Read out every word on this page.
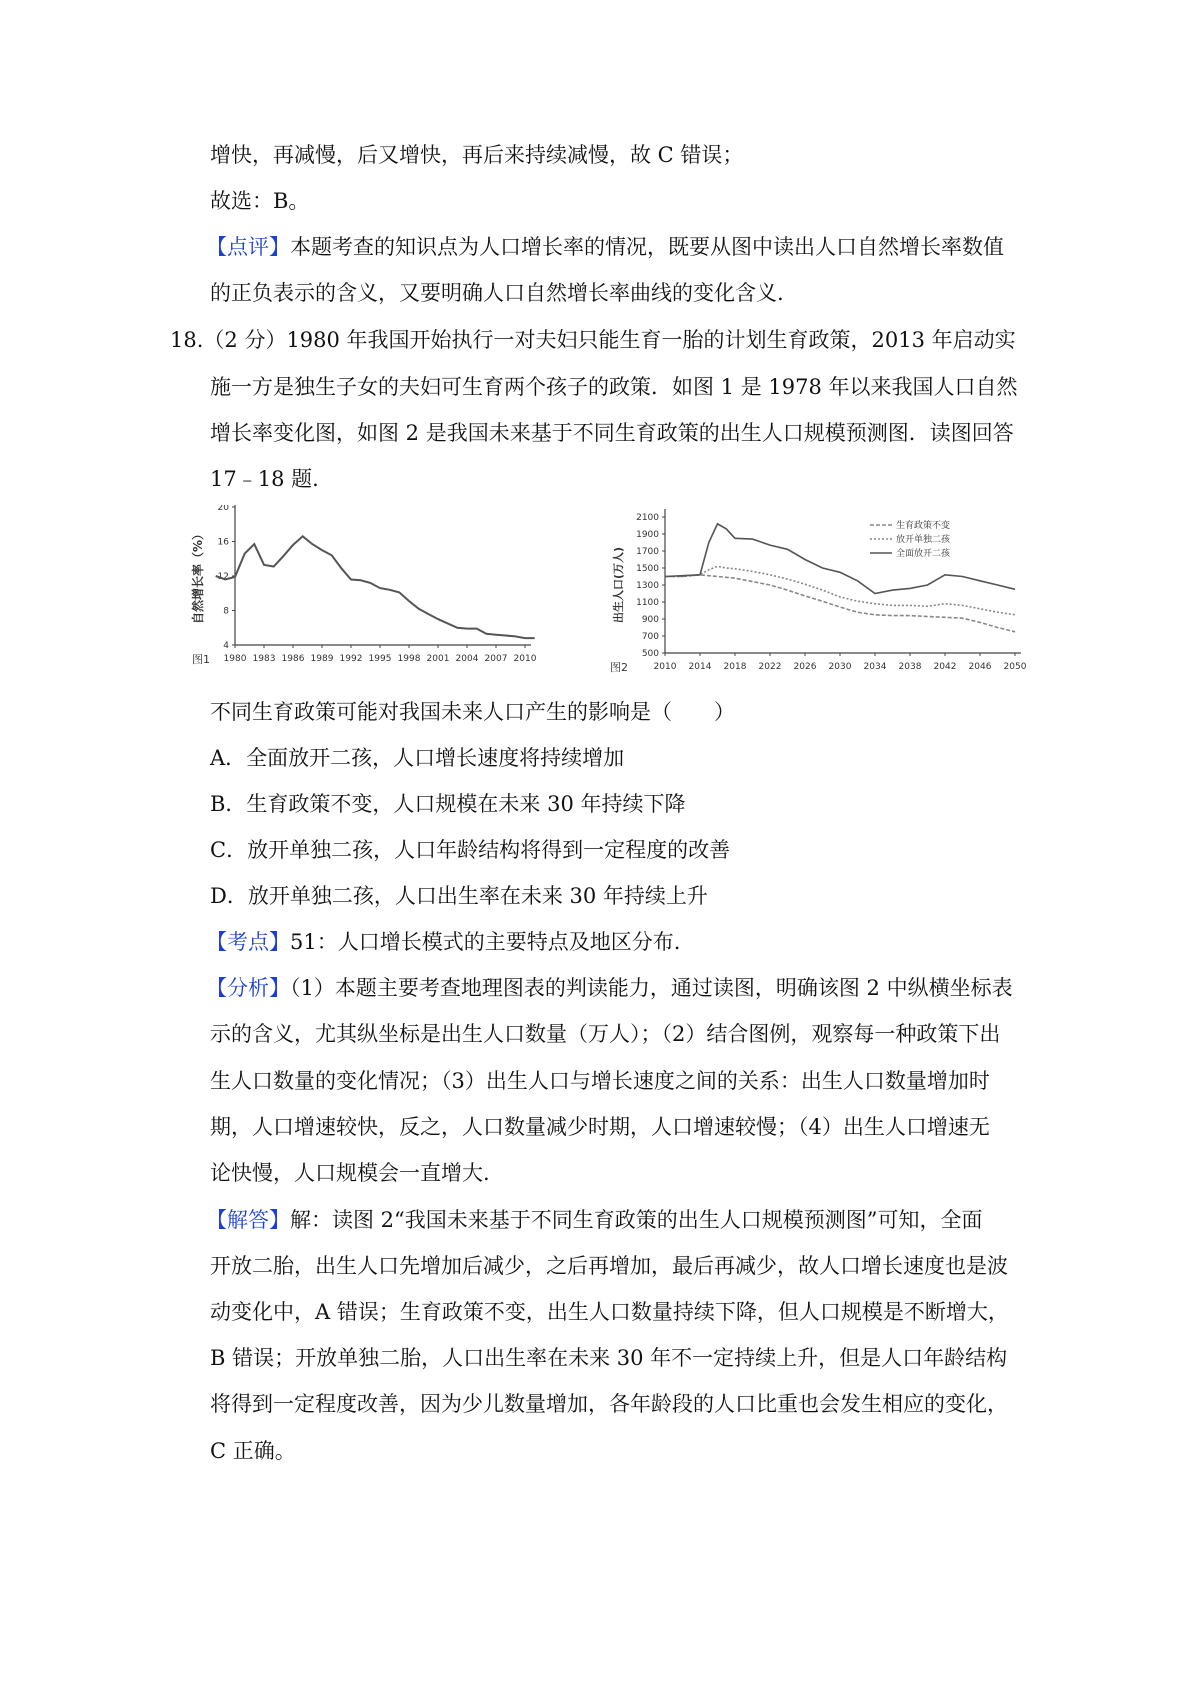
增快，再减慢，后又增快，再后来持续减慢，故 C 错误；
故选：B。
【点评】本题考查的知识点为人口增长率的情况，既要从图中读出人口自然增长率数值
的正负表示的含义，又要明确人口自然增长率曲线的变化含义.
18.（2 分）1980 年我国开始执行一对夫妇只能生育一胎的计划生育政策，2013 年启动实
施一方是独生子女的夫妇可生育两个孩子的政策．如图 1 是 1978 年以来我国人口自然
增长率变化图，如图 2 是我国未来基于不同生育政策的出生人口规模预测图．读图回答
17﹣18 题.
20
16
12
8
4
1980 1983 1986 1989 1992 1995 1998 2001 2004 2007 2010
自然增长率（%）
图1
2100
1900
1700
1500
1300
1100
900
700
500
2010 2014 2018 2022 2026 2030 2034 2038 2042 2046 2050
出生人口(万人)
图2
生育政策不变
放开单独二孩
全面放开二孩
不同生育政策可能对我国未来人口产生的影响是（　　）
A．全面放开二孩，人口增长速度将持续增加
B．生育政策不变，人口规模在未来 30 年持续下降
C．放开单独二孩，人口年龄结构将得到一定程度的改善
D．放开单独二孩，人口出生率在未来 30 年持续上升
【考点】51：人口增长模式的主要特点及地区分布.
【分析】（1）本题主要考查地理图表的判读能力，通过读图，明确该图 2 中纵横坐标表
示的含义，尤其纵坐标是出生人口数量（万人）；（2）结合图例，观察每一种政策下出
生人口数量的变化情况；（3）出生人口与增长速度之间的关系：出生人口数量增加时
期，人口增速较快，反之，人口数量减少时期，人口增速较慢；（4）出生人口增速无
论快慢，人口规模会一直增大.
【解答】解：读图 2“我国未来基于不同生育政策的出生人口规模预测图”可知，全面
开放二胎，出生人口先增加后减少，之后再增加，最后再减少，故人口增长速度也是波
动变化中，A 错误；生育政策不变，出生人口数量持续下降，但人口规模是不断增大，
B 错误；开放单独二胎，人口出生率在未来 30 年不一定持续上升，但是人口年龄结构
将得到一定程度改善，因为少儿数量增加，各年龄段的人口比重也会发生相应的变化，
C 正确。
